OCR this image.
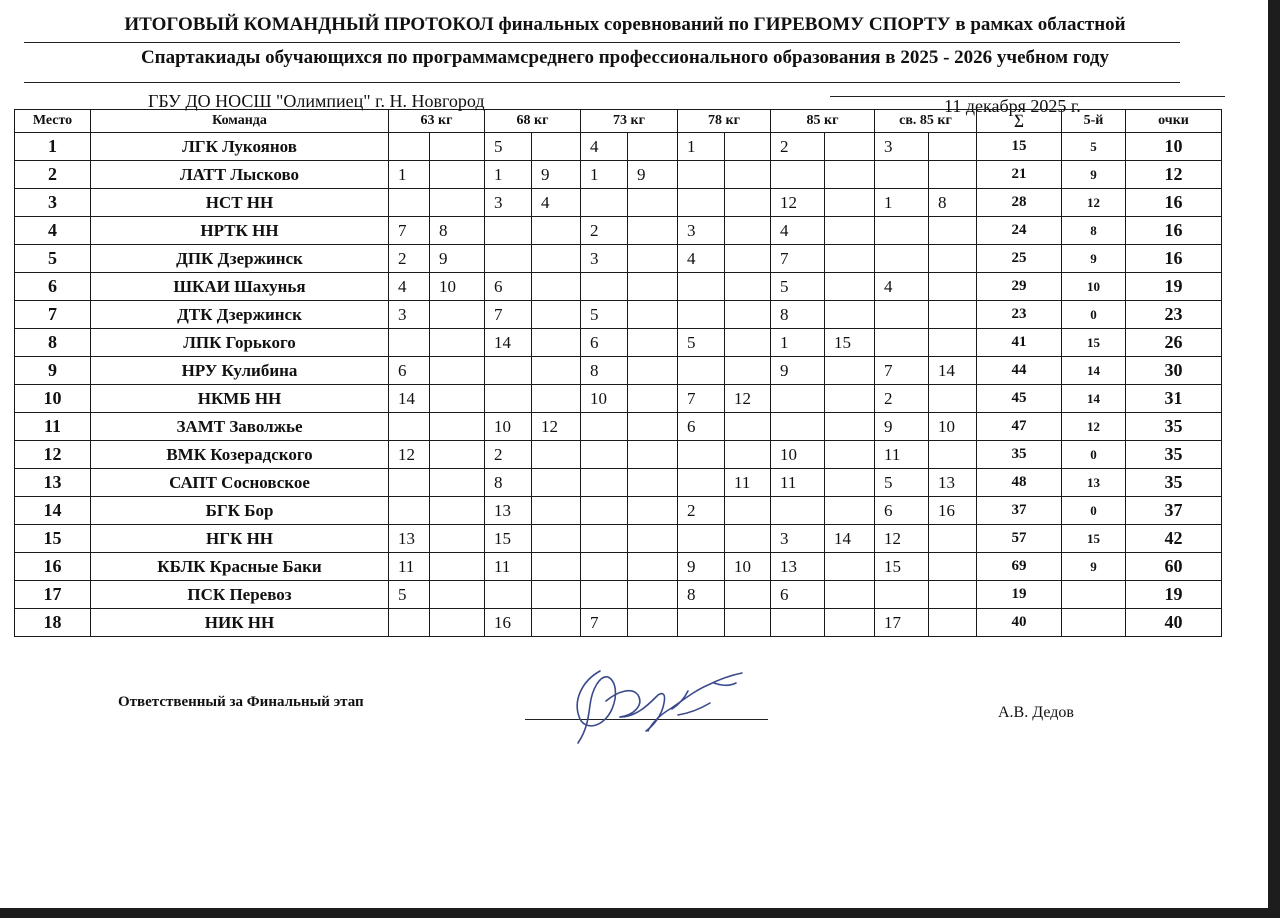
ИТОГОВЫЙ КОМАНДНЫЙ ПРОТОКОЛ финальных соревнований по ГИРЕВОМУ СПОРТУ в рамках областной
Спартакиады обучающихся по программамсреднего профессионального образования в 2025 - 2026 учебном году
ГБУ ДО НОСШ "Олимпиец" г. Н. Новгород	11 декабря 2025 г.
Место	Команда	63 кг		68 кг		73 кг		78 кг		85 кг		св. 85 кг		∑	5-й	очки
1	ЛГК Лукоянов			5		4		1		2		3		15	5	10
2	ЛАТТ Лысково	1		1	9	1	9							21	9	12
3	НСТ НН			3	4					12		1	8	28	12	16
4	НРТК НН	7	8			2		3		4				24	8	16
5	ДПК Дзержинск	2	9			3		4		7				25	9	16
6	ШКАИ Шахунья	4	10	6						5		4		29	10	19
7	ДТК Дзержинск	3		7		5				8				23	0	23
8	ЛПК Горького			14		6		5		1	15			41	15	26
9	НРУ Кулибина	6				8				9		7	14	44	14	30
10	НКМБ НН	14				10		7	12			2		45	14	31
11	ЗАМТ Заволжье			10	12			6				9	10	47	12	35
12	ВМК Козерадского	12		2						10		11		35	0	35
13	САПТ Сосновское			8					11	11		5	13	48	13	35
14	БГК Бор			13				2				6	16	37	0	37
15	НГК НН	13		15						3	14	12		57	15	42
16	КБЛК Красные Баки	11		11				9	10	13		15		69	9	60
17	ПСК Перевоз	5						8		6				19		19
18	НИК НН			16		7						17		40		40
Ответственный за Финальный этап
А.В. Дедов
